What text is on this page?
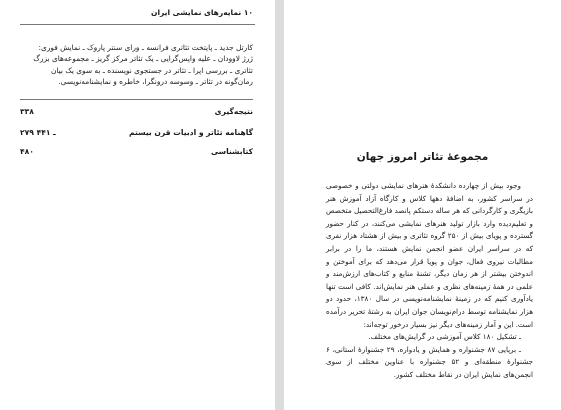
۱۰ نمایه‌رهای نمایشی ایران
کارتل جدید ـ پایتخت تئاتری فرانسه ـ ورای سنتر پاروک ـ نمایش فوری:
ژرژ لاوودان ـ علیه واپس‌گرایی ـ یک تئاتر مرکز گریز ـ مجموعه‌های بزرگ
تئاتری ـ بررسی اپرا ـ تئاتر در جستجوی نویسنده ـ به سوی یک بیان
رمان‌گونه در تئاتر ـ وسوسه درونگرا، خاطره و نمایشنامه‌نویسی.
نتیجه‌گیری
۳۳۸
گاهنامه تئاتر و ادبیات قرن بیستم
۲۷۹ ـ ۴۴۱
کتابشناسی
۴۸۰	مجموعهٔ تئاتر امروز جهان

وجود بیش از چهارده دانشکدهٔ هنرهای نمایشی دولتی و خصوصی در سراسر کشور، به اضافهٔ دهها کلاس و کارگاه آزاد آموزش هنر بازیگری و کارگردانی که هر ساله دستکم پانصد فارغ‌التحصیل متخصص و تعلیم‌دیده وارد بازار تولید هنرهای نمایشی می‌کنند، در کنار حضور گسترده و پویای بیش از ۲۵۰ گروه تئاتری و بیش از هشتاد هزار نفری که در سراسر ایران عضو انجمن نمایش هستند، ما را در برابر مطالبات نیروی فعال، جوان و پویا قرار می‌دهد که برای آموختن و اندوختن بیشتر از هر زمان دیگر، تشنهٔ منابع و کتاب‌های ارزش‌مند و علمی در همهٔ زمینه‌های نظری و عملی هنر نمایش‌اند. کافی است تنها یادآوری کنیم که در زمینهٔ نمایشنامه‌نویسی در سال ۱۳۸۰، حدود دو هزار نمایشنامه توسط درام‌نویسان جوان ایران به رشتهٔ تحریر درآمده است. این و آمار زمینه‌های دیگر نیز بسیار درخور توجه‌اند:

ـ تشکیل ۱۸۰ کلاس آموزشی در گرایش‌های مختلف.

ـ برپایی ۸۷ جشنواره و همایش و یادواره، ۲۹ جشنوارهٔ استانی، ۶ جشنوارهٔ منطقه‌ای و ۵۲ جشنواره با عناوین مختلف از سوی انجمن‌های نمایش ایران در نقاط مختلف کشور.
